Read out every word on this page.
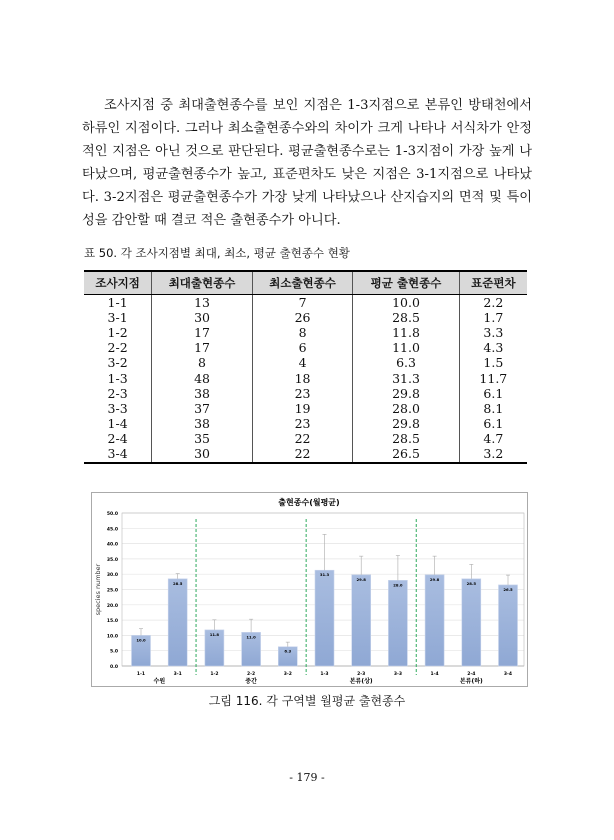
조사지점 중 최대출현종수를 보인 지점은 1-3지점으로 본류인 방태천에서 하류인 지점이다. 그러나 최소출현종수와의 차이가 크게 나타나 서식차가 안정적인 지점은 아닌 것으로 판단된다. 평균출현종수로는 1-3지점이 가장 높게 나타났으며, 평균출현종수가 높고, 표준편차도 낮은 지점은 3-1지점으로 나타났다. 3-2지점은 평균출현종수가 가장 낮게 나타났으나 산지습지의 면적 및 특이성을 감안할 때 결코 적은 출현종수가 아니다.

표 50. 각 조사지점별 최대, 최소, 평균 출현종수 현황
조사지점	최대출현종수	최소출현종수	평균 출현종수	표준편차
1-1	13	7	10.0	2.2
3-1	30	26	28.5	1.7
1-2	17	8	11.8	3.3
2-2	17	6	11.0	4.3
3-2	8	4	6.3	1.5
1-3	48	18	31.3	11.7
2-3	38	23	29.8	6.1
3-3	37	19	28.0	8.1
1-4	38	23	29.8	6.1
2-4	35	22	28.5	4.7
3-4	30	22	26.5	3.2
출현종수(월평균)
0.0
5.0
10.0
15.0
20.0
25.0
30.0
35.0
40.0
45.0
50.0
species number
10.0
1-1
28.5
3-1
11.8
1-2
11.0
2-2
6.3
3-2
31.3
1-3
29.8
2-3
28.0
3-3
29.8
1-4
28.5
2-4
26.5
3-4
수원	중간	본류(상)	본류(하)
그림 116. 각 구역별 월평균 출현종수
- 179 -
